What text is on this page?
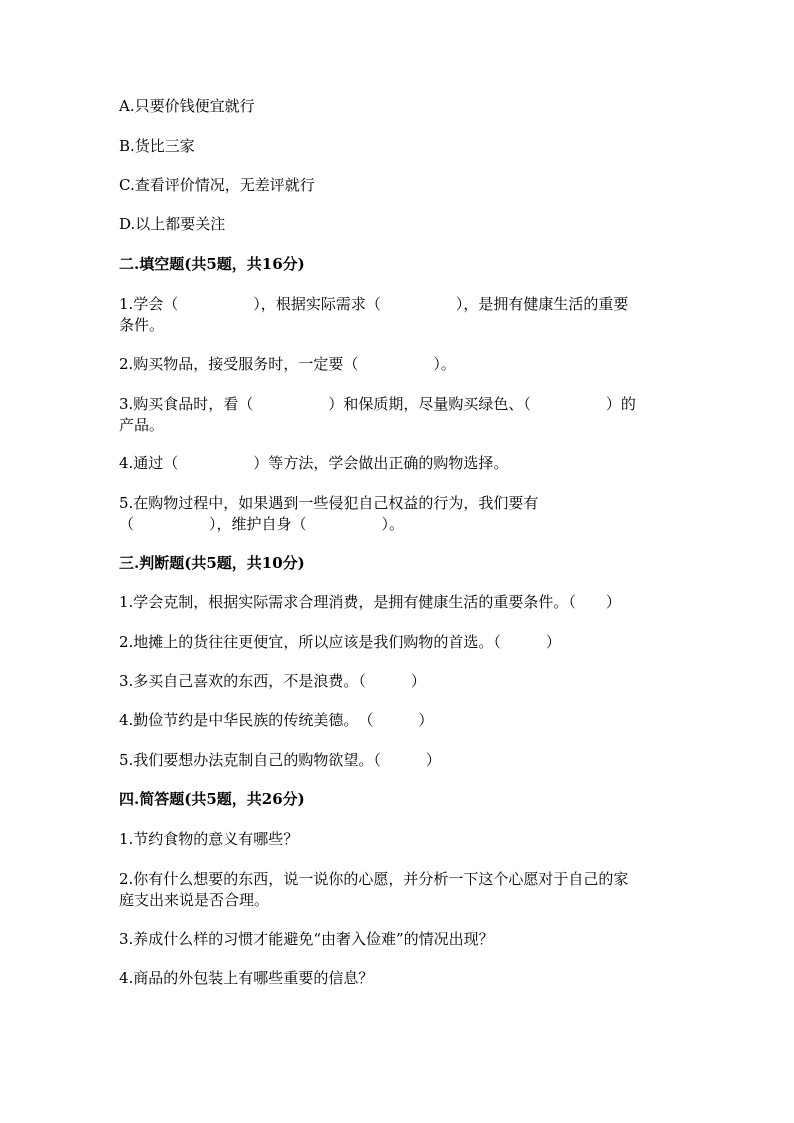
A.只要价钱便宜就行
B.货比三家
C.查看评价情况，无差评就行
D.以上都要关注
二.填空题(共5题，共16分)
1.学会（　　　　　），根据实际需求（　　　　　），是拥有健康生活的重要
条件。
2.购买物品，接受服务时，一定要（　　　　　）。
3.购买食品时，看（　　　　　）和保质期，尽量购买绿色、（　　　　　）的
产品。
4.通过（　　　　　）等方法，学会做出正确的购物选择。
5.在购物过程中，如果遇到一些侵犯自己权益的行为，我们要有
（　　　　　），维护自身（　　　　　）。
三.判断题(共5题，共10分)
1.学会克制，根据实际需求合理消费，是拥有健康生活的重要条件。（　　）
2.地摊上的货往往更便宜，所以应该是我们购物的首选。（　　　）
3.多买自己喜欢的东西，不是浪费。（　　　）
4.勤俭节约是中华民族的传统美德。　（　　　）
5.我们要想办法克制自己的购物欲望。（　　　）
四.简答题(共5题，共26分)
1.节约食物的意义有哪些？
2.你有什么想要的东西，说一说你的心愿，并分析一下这个心愿对于自己的家
庭支出来说是否合理。
3.养成什么样的习惯才能避免“由奢入俭难”的情况出现？
4.商品的外包装上有哪些重要的信息？
